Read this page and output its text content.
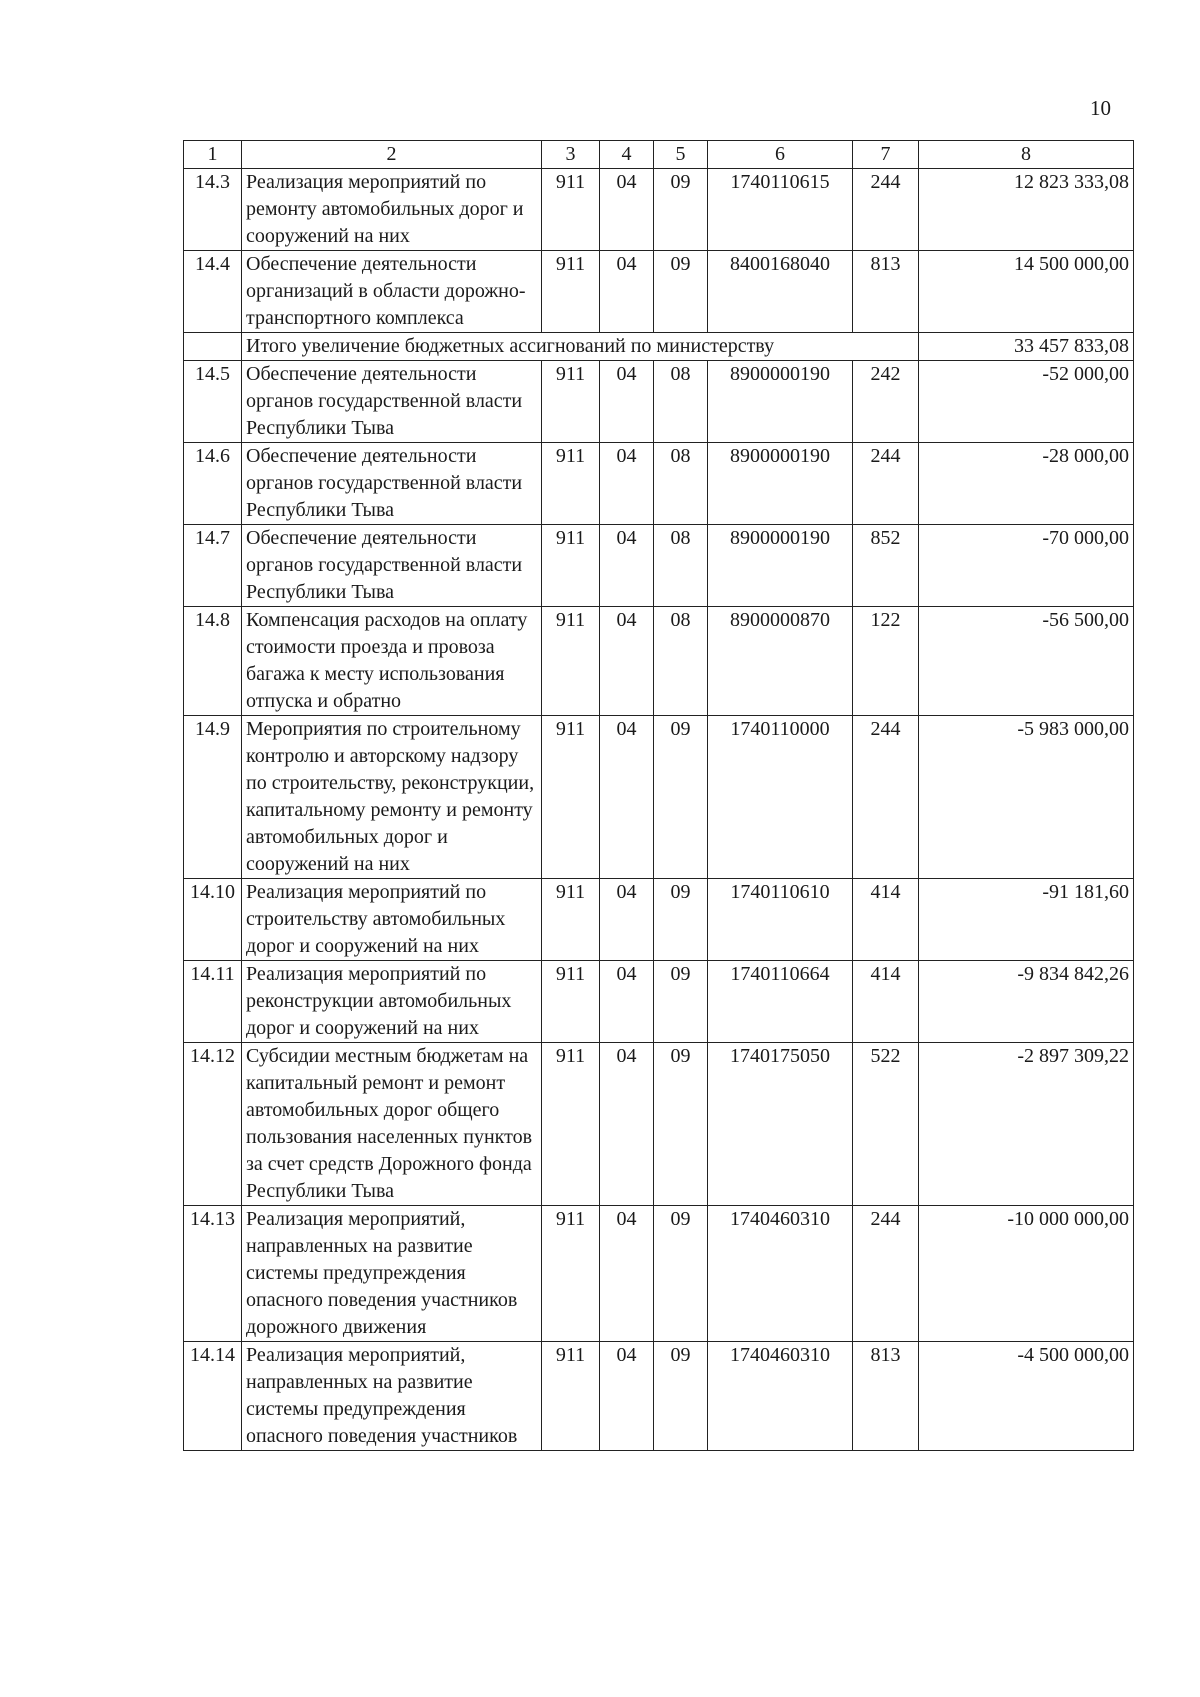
10
1	2	3	4	5	6	7	8
14.3	Реализация мероприятий по ремонту автомобильных дорог и сооружений на них	911	04	09	1740110615	244	12 823 333,08
14.4	Обеспечение деятельности организаций в области дорожно-транспортного комплекса	911	04	09	8400168040	813	14 500 000,00
	Итого увеличение бюджетных ассигнований по министерству						33 457 833,08
14.5	Обеспечение деятельности органов государственной власти Республики Тыва	911	04	08	8900000190	242	-52 000,00
14.6	Обеспечение деятельности органов государственной власти Республики Тыва	911	04	08	8900000190	244	-28 000,00
14.7	Обеспечение деятельности органов государственной власти Республики Тыва	911	04	08	8900000190	852	-70 000,00
14.8	Компенсация расходов на оплату стоимости проезда и провоза багажа к месту использования отпуска и обратно	911	04	08	8900000870	122	-56 500,00
14.9	Мероприятия по строительному контролю и авторскому надзору по строительству, реконструкции, капитальному ремонту и ремонту автомобильных дорог и сооружений на них	911	04	09	1740110000	244	-5 983 000,00
14.10	Реализация мероприятий по строительству автомобильных дорог и сооружений на них	911	04	09	1740110610	414	-91 181,60
14.11	Реализация мероприятий по реконструкции автомобильных дорог и сооружений на них	911	04	09	1740110664	414	-9 834 842,26
14.12	Субсидии местным бюджетам на капитальный ремонт и ремонт автомобильных дорог общего пользования населенных пунктов за счет средств Дорожного фонда Республики Тыва	911	04	09	1740175050	522	-2 897 309,22
14.13	Реализация мероприятий, направленных на развитие системы предупреждения опасного поведения участников дорожного движения	911	04	09	1740460310	244	-10 000 000,00
14.14	Реализация мероприятий, направленных на развитие системы предупреждения опасного поведения участников	911	04	09	1740460310	813	-4 500 000,00
